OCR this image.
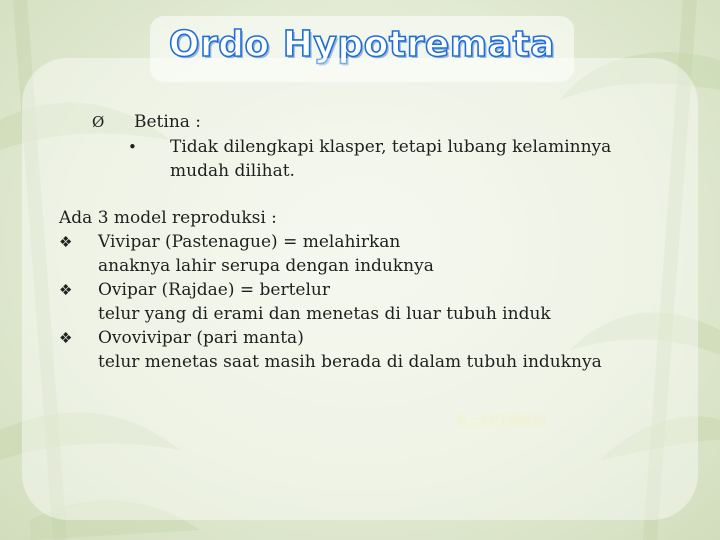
Ordo Hypotremata
Ø Betina :
• Tidak dilengkapi klasper, tetapi lubang kelaminnya
mudah dilihat.
Ada 3 model reproduksi :
❖ Vivipar (Pastenague) = melahirkan
anaknya lahir serupa dengan induknya
❖ Ovipar (Rajdae) = bertelur
telur yang di erami dan menetas di luar tubuh induk
❖ Ovovivipar (pari manta)
telur menetas saat masih berada di dalam tubuh induknya
第一PPT模板网
